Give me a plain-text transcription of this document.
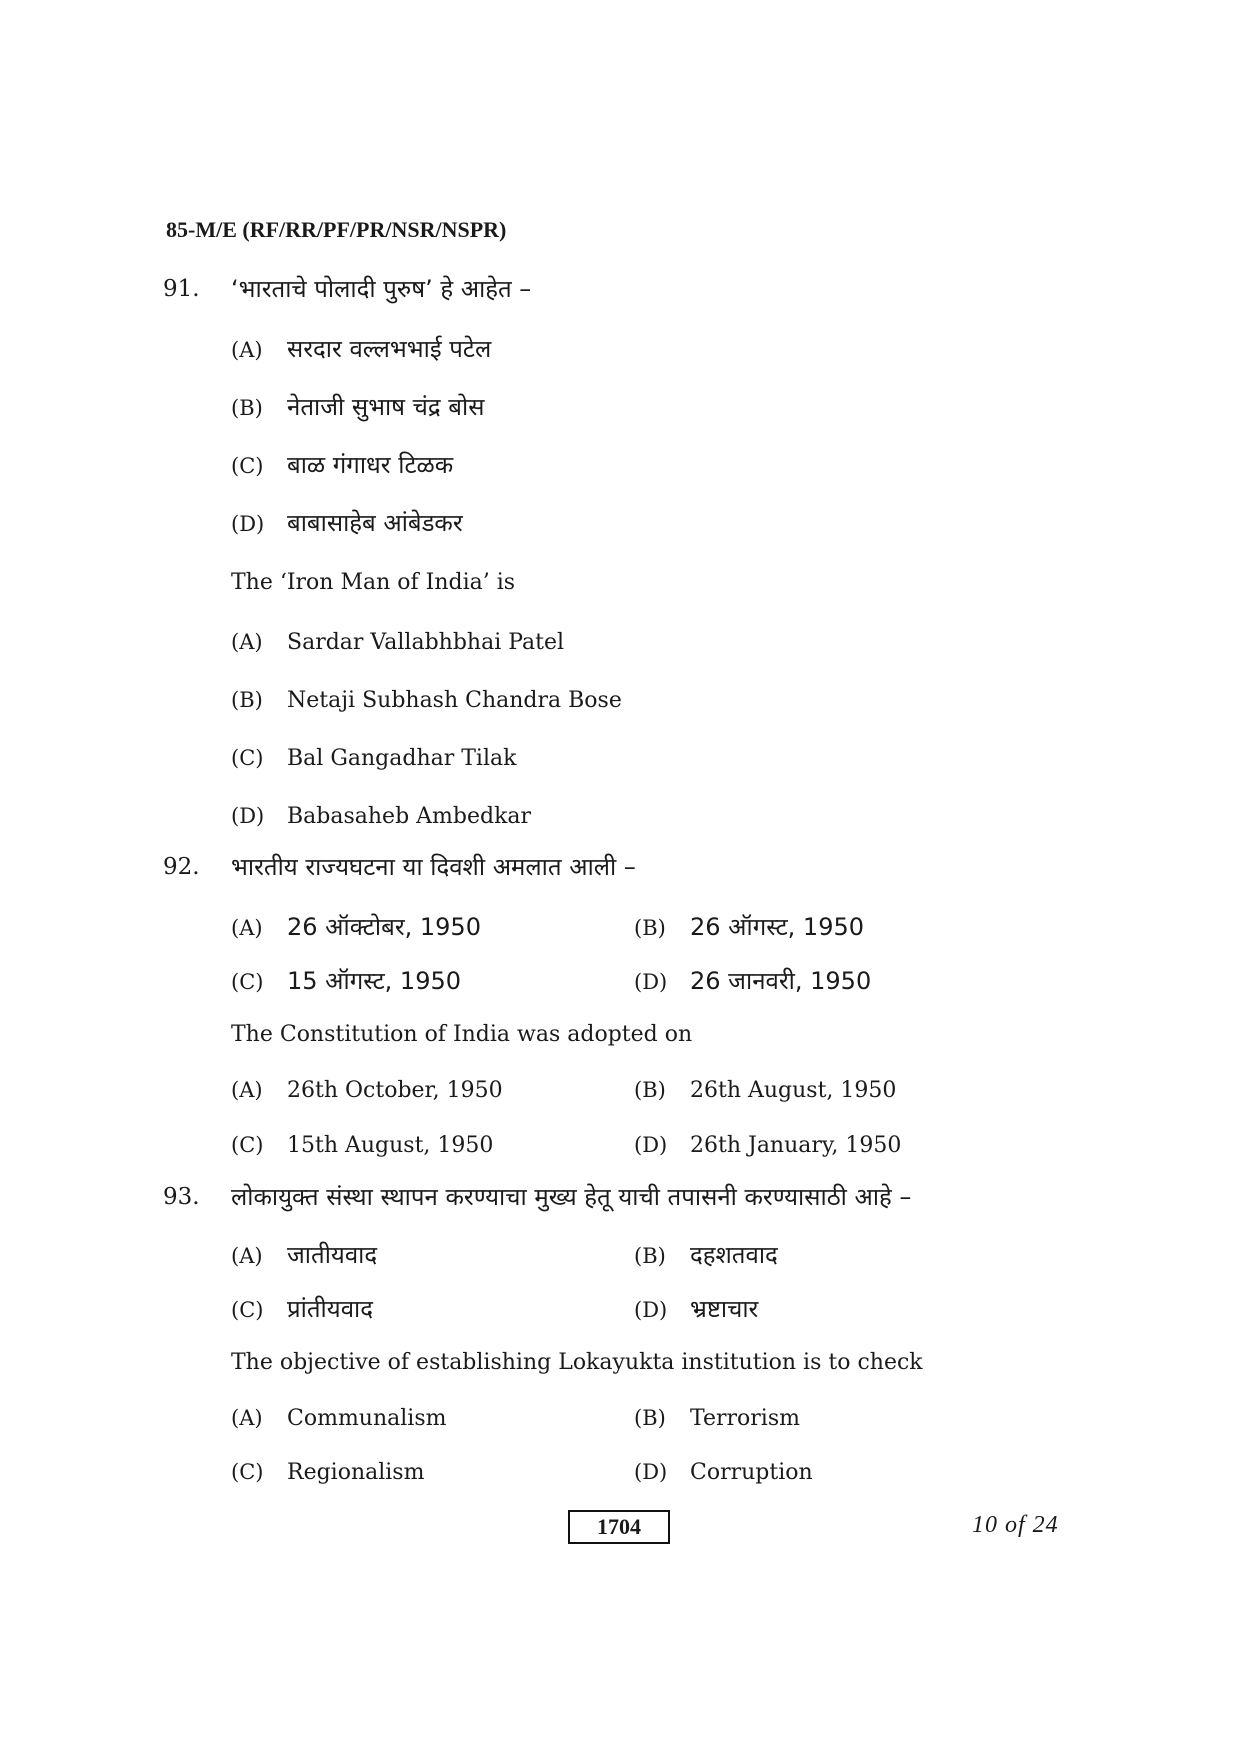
85-M/E (RF/RR/PF/PR/NSR/NSPR)
91. ‘भारताचे पोलादी पुरुष’ हे आहेत –
(A) सरदार वल्लभभाई पटेल
(B) नेताजी सुभाष चंद्र बोस
(C) बाळ गंगाधर टिळक
(D) बाबासाहेब आंबेडकर
The ‘Iron Man of India’ is
(A) Sardar Vallabhbhai Patel
(B) Netaji Subhash Chandra Bose
(C) Bal Gangadhar Tilak
(D) Babasaheb Ambedkar
92. भारतीय राज्यघटना या दिवशी अमलात आली –
(A) 26 ऑक्टोबर, 1950	(B) 26 ऑगस्ट, 1950
(C) 15 ऑगस्ट, 1950	(D) 26 जानवरी, 1950
The Constitution of India was adopted on
(A) 26th October, 1950	(B) 26th August, 1950
(C) 15th August, 1950	(D) 26th January, 1950
93. लोकायुक्त संस्था स्थापन करण्याचा मुख्य हेतू याची तपासनी करण्यासाठी आहे –
(A) जातीयवाद	(B) दहशतवाद
(C) प्रांतीयवाद	(D) भ्रष्टाचार
The objective of establishing Lokayukta institution is to check
(A) Communalism	(B) Terrorism
(C) Regionalism	(D) Corruption
1704	10 of 24
